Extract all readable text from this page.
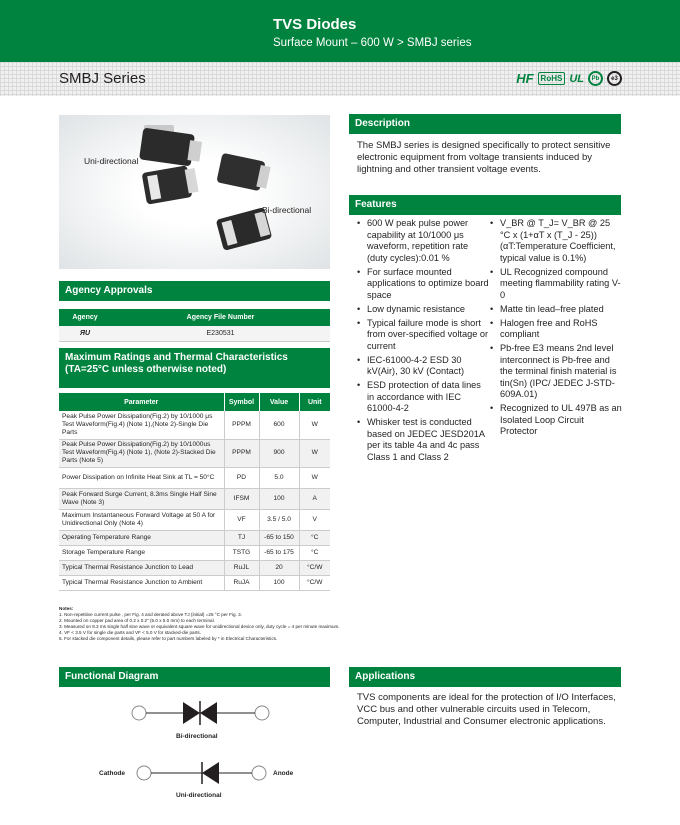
TVS Diodes
Surface Mount – 600 W > SMBJ series
SMBJ Series	HF RoHS UL	Pb	e3
Uni-directional
Bi-directional
Description
The SMBJ series is designed specifically to protect sensitive electronic equipment from voltage transients induced by lightning and other transient voltage events.
Features
• 600 W peak pulse power capability at 10/1000 μs waveform, repetition rate (duty cycles):0.01 %
• For surface mounted applications to optimize board space
• Low dynamic resistance
• Typical failure mode is short from over-specified voltage or current
• IEC-61000-4-2 ESD 30 kV(Air), 30 kV (Contact)
• ESD protection of data lines in accordance with IEC 61000-4-2
• Whisker test is conducted based on JEDEC JESD201A per its table 4a and 4c pass Class 1 and Class 2
• V_BR @ T_J= V_BR @ 25 °C x (1+αT x (T_J - 25)) (αT:Temperature Coefficient, typical value is 0.1%)
• UL Recognized compound meeting flammability rating V-0
• Matte tin lead–free plated
• Halogen free and RoHS compliant
• Pb-free E3 means 2nd level interconnect is Pb-free and the terminal finish material is tin(Sn) (IPC/ JEDEC J-STD-609A.01)
• Recognized to UL 497B as an Isolated Loop Circuit Protector
Agency Approvals
Agency	Agency File Number
ЯU	E230531
Maximum Ratings and Thermal Characteristics
(TA=25°C unless otherwise noted)
Parameter	Symbol	Value	Unit
Peak Pulse Power Dissipation(Fig.2) by 10/1000 μs Test Waveform(Fig.4) (Note 1),(Note 2)-Single Die Parts	PPPM	600	W
Peak Pulse Power Dissipation(Fig.2) by 10/1000us Test Waveform(Fig.4) (Note 1), (Note 2)-Stacked Die Parts (Note 5)	PPPM	900	W
Power Dissipation on Infinite Heat Sink at TL = 50°C	PD	5.0	W
Peak Forward Surge Current, 8.3ms Single Half Sine Wave (Note 3)	IFSM	100	A
Maximum Instantaneous Forward Voltage at 50 A for Unidirectional Only (Note 4)	VF	3.5 / 5.0	V
Operating Temperature Range	TJ	-65 to 150	°C
Storage Temperature Range	TSTG	-65 to 175	°C
Typical Thermal Resistance Junction to Lead	RuJL	20	°C/W
Typical Thermal Resistance Junction to Ambient	RuJA	100	°C/W
Notes:
1. Non-repetitive current pulse , per Fig. 4 and derated above TJ (initial) =25 °C per Fig. 3.
2. Mounted on copper pad area of 0.2 x 0.2" (5.0 x 5.0 mm) to each terminal.
3. Measured on 8.3 ms single half sine wave or equivalent square wave for unidirectional device only, duty cycle = 4 per minute maximum.
4. VF < 3.5 V for single die parts and VF < 5.0 V for stacked-die parts.
5. For stacked die component details, please refer to part numbers labeled by * in Electrical Characteristics.
Functional Diagram
Bi-directional
Cathode	Anode
Uni-directional
Applications
TVS components are ideal for the protection of I/O Interfaces, VCC bus and other vulnerable circuits used in Telecom, Computer, Industrial and Consumer electronic applications.
